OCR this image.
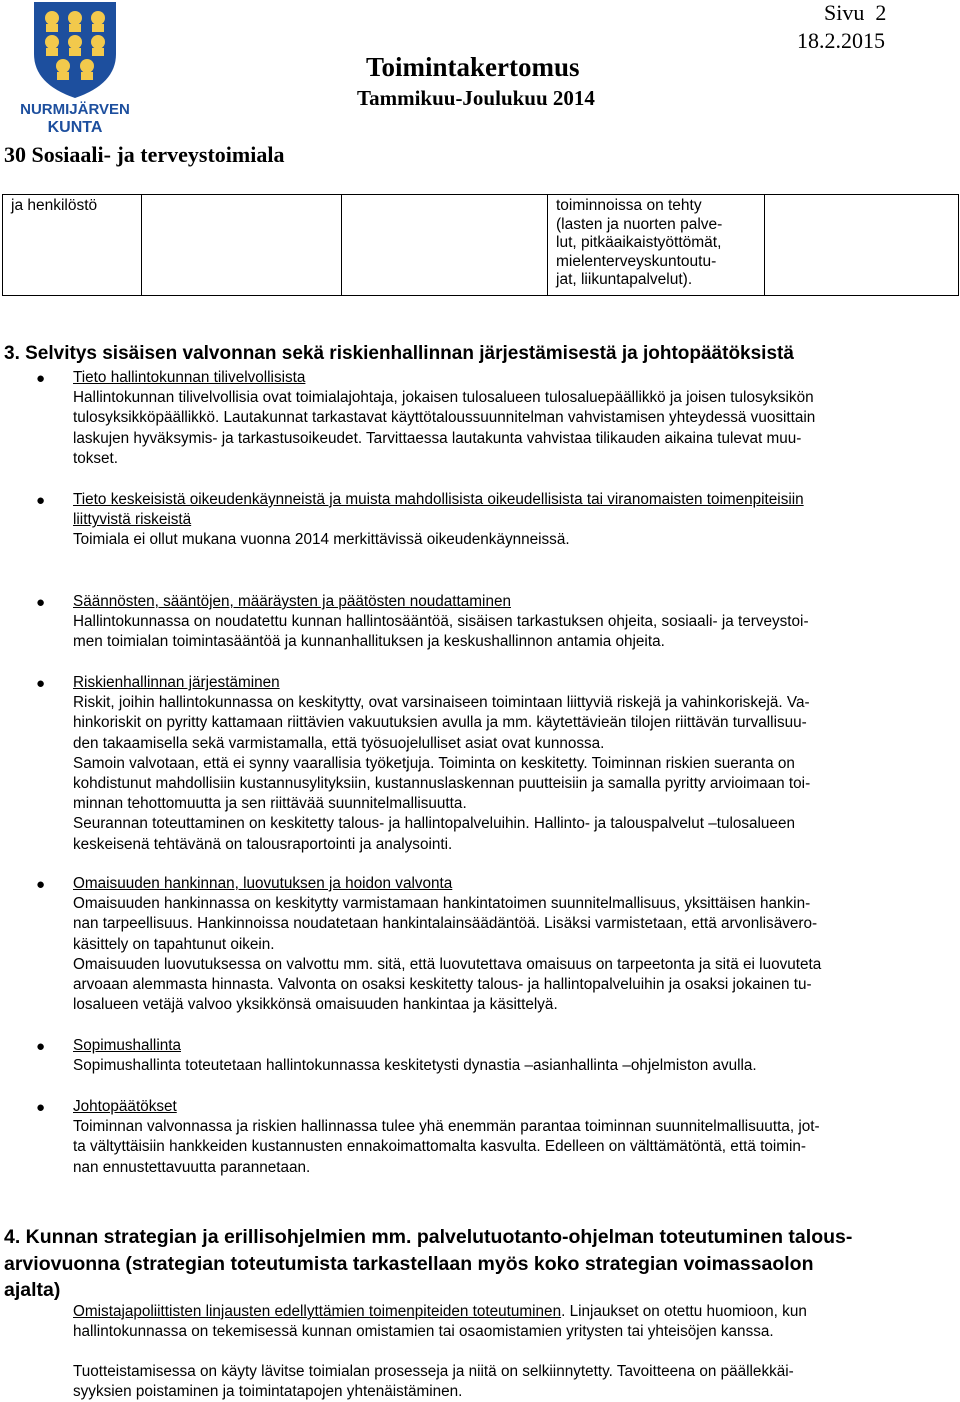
NURMIJÄRVEN
KUNTA
30 Sosiaali- ja terveystoimiala
Toimintakertomus
Tammikuu-Joulukuu 2014
Sivu  2
18.2.2015
ja henkilöstö			toiminnoissa on tehty
(lasten ja nuorten palve-
lut, pitkäaikaistyöttömät,
mielenterveyskuntoutu-
jat, liikuntapalvelut).

3. Selvitys sisäisen valvonnan sekä riskienhallinnan järjestämisestä ja johtopäätöksistä
● Tieto hallintokunnan tilivelvollisista

Hallintokunnan tilivelvollisia ovat toimialajohtaja, jokaisen tulosalueen tulosaluepäällikkö ja joisen tulosyksikön

tulosyksikköpäällikkö. Lautakunnat tarkastavat käyttötaloussuunnitelman vahvistamisen yhteydessä vuosittain

laskujen hyväksymis- ja tarkastusoikeudet. Tarvittaessa lautakunta vahvistaa tilikauden aikaina tulevat muu-

tokset.

● Tieto keskeisistä oikeudenkäynneistä ja muista mahdollisista oikeudellisista tai viranomaisten toimenpiteisiin

liittyvistä riskeistä

Toimiala ei ollut mukana vuonna 2014 merkittävissä oikeudenkäynneissä.

● Säännösten, sääntöjen, määräysten ja päätösten noudattaminen

Hallintokunnassa on noudatettu kunnan hallintosääntöä, sisäisen tarkastuksen ohjeita, sosiaali- ja terveystoi-

men toimialan toimintasääntöä ja kunnanhallituksen ja keskushallinnon antamia ohjeita.

● Riskienhallinnan järjestäminen

Riskit, joihin hallintokunnassa on keskitytty, ovat varsinaiseen toimintaan liittyviä riskejä ja vahinkoriskejä. Va-

hinkoriskit on pyritty kattamaan riittävien vakuutuksien avulla ja mm. käytettävieän tilojen riittävän turvallisuu-

den takaamisella sekä varmistamalla, että työsuojelulliset asiat ovat kunnossa.

Samoin valvotaan, että ei synny vaarallisia työketjuja. Toiminta on keskitetty. Toiminnan riskien sueranta on

kohdistunut mahdollisiin kustannusylityksiin, kustannuslaskennan puutteisiin ja samalla pyritty arvioimaan toi-

minnan tehottomuutta ja sen riittävää suunnitelmallisuutta.

Seurannan toteuttaminen on keskitetty talous- ja hallintopalveluihin. Hallinto- ja talouspalvelut –tulosalueen

keskeisenä tehtävänä on talousraportointi ja analysointi.

● Omaisuuden hankinnan, luovutuksen ja hoidon valvonta

Omaisuuden hankinnassa on keskitytty varmistamaan hankintatoimen suunnitelmallisuus, yksittäisen hankin-

nan tarpeellisuus. Hankinnoissa noudatetaan hankintalainsäädäntöä. Lisäksi varmistetaan, että arvonlisävero-

käsittely on tapahtunut oikein.

Omaisuuden luovutuksessa on valvottu mm. sitä, että luovutettava omaisuus on tarpeetonta ja sitä ei luovuteta

arvoaan alemmasta hinnasta. Valvonta on osaksi keskitetty talous- ja hallintopalveluihin ja osaksi jokainen tu-

losalueen vetäjä valvoo yksikkönsä omaisuuden hankintaa ja käsittelyä.

● Sopimushallinta

Sopimushallinta toteutetaan hallintokunnassa keskitetysti dynastia –asianhallinta –ohjelmiston avulla.

● Johtopäätökset

Toiminnan valvonnassa ja riskien hallinnassa tulee yhä enemmän parantaa toiminnan suunnitelmallisuutta, jot-

ta vältyttäisiin hankkeiden kustannusten ennakoimattomalta kasvulta. Edelleen on välttämätöntä, että toimin-

nan ennustettavuutta parannetaan.

4. Kunnan strategian ja erillisohjelmien mm. palvelutuotanto-ohjelman toteutuminen talous-
arviovuonna (strategian toteutumista tarkastellaan myös koko strategian voimassaolon
ajalta)

Omistajapoliittisten linjausten edellyttämien toimenpiteiden toteutuminen. Linjaukset on otettu huomioon, kun

hallintokunnassa on tekemisessä kunnan omistamien tai osaomistamien yritysten tai yhteisöjen kanssa.

Tuotteistamisessa on käyty lävitse toimialan prosesseja ja niitä on selkiinnytetty. Tavoitteena on päällekkäi-

syyksien poistaminen ja toimintatapojen yhtenäistäminen.
